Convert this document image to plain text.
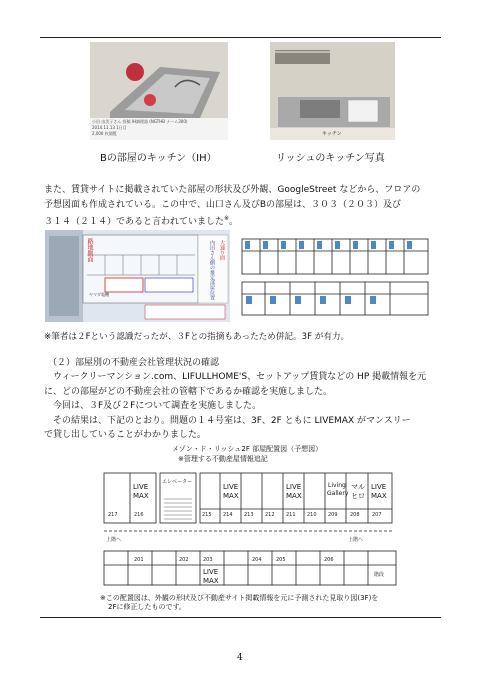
小田 由美子さん 投稿 IH調理器 (NGTHB ナーム300)
2014.11.13 1日目
2,000 枚閲覧	キッチン
Bの部屋のキッチン（IH）	リッシュのキッチン写真
また、賃貸サイトに掲載されていた部屋の形状及び外観、GoogleStreet などから、フロアの
予想図面も作成されている。この中で、山口さん及びBの部屋は、３０３（２０３）及び
３１４（２１４）であると言われていました※。
路地側面	内田さん側の推定部屋位置 大通り面
ヤマダ電機
※筆者は２Fという認識だったが、３Fとの指摘もあったため併記。3F が有力。
（２）部屋別の不動産会社管理状況の確認
ウィークリーマンション.com、LIFULLHOME'S、セットアップ賃貸などの HP 掲載情報を元
に、どの部屋がどの不動産会社の管轄下であるか確認を実施しました。
今回は、３F及び２Fについて調査を実施しました。
その結果は、下記のとおり。問題の１４号室は、3F、2F ともに LIVEMAX がマンスリー
で貸し出していることがわかりました。
メゾン・ド・リッシュ2F 部屋配置図（予想図）
※管理する不動産屋情報追記
217	216	215 214 213 212 211 210 209 208 207
LIVE
MAX
LIVE
MAX
LIVE
MAX
Living
Gallery
マル
ヒロ
LIVE
MAX
エレベーター
上階へ	上階へ
201	202	203	204	205	206
LIVE
MAX
階段
※この配置図は、外観の形状及び不動産サイト掲載情報を元に予測された見取り図(3F)を
2Fに修正したものです。
4
